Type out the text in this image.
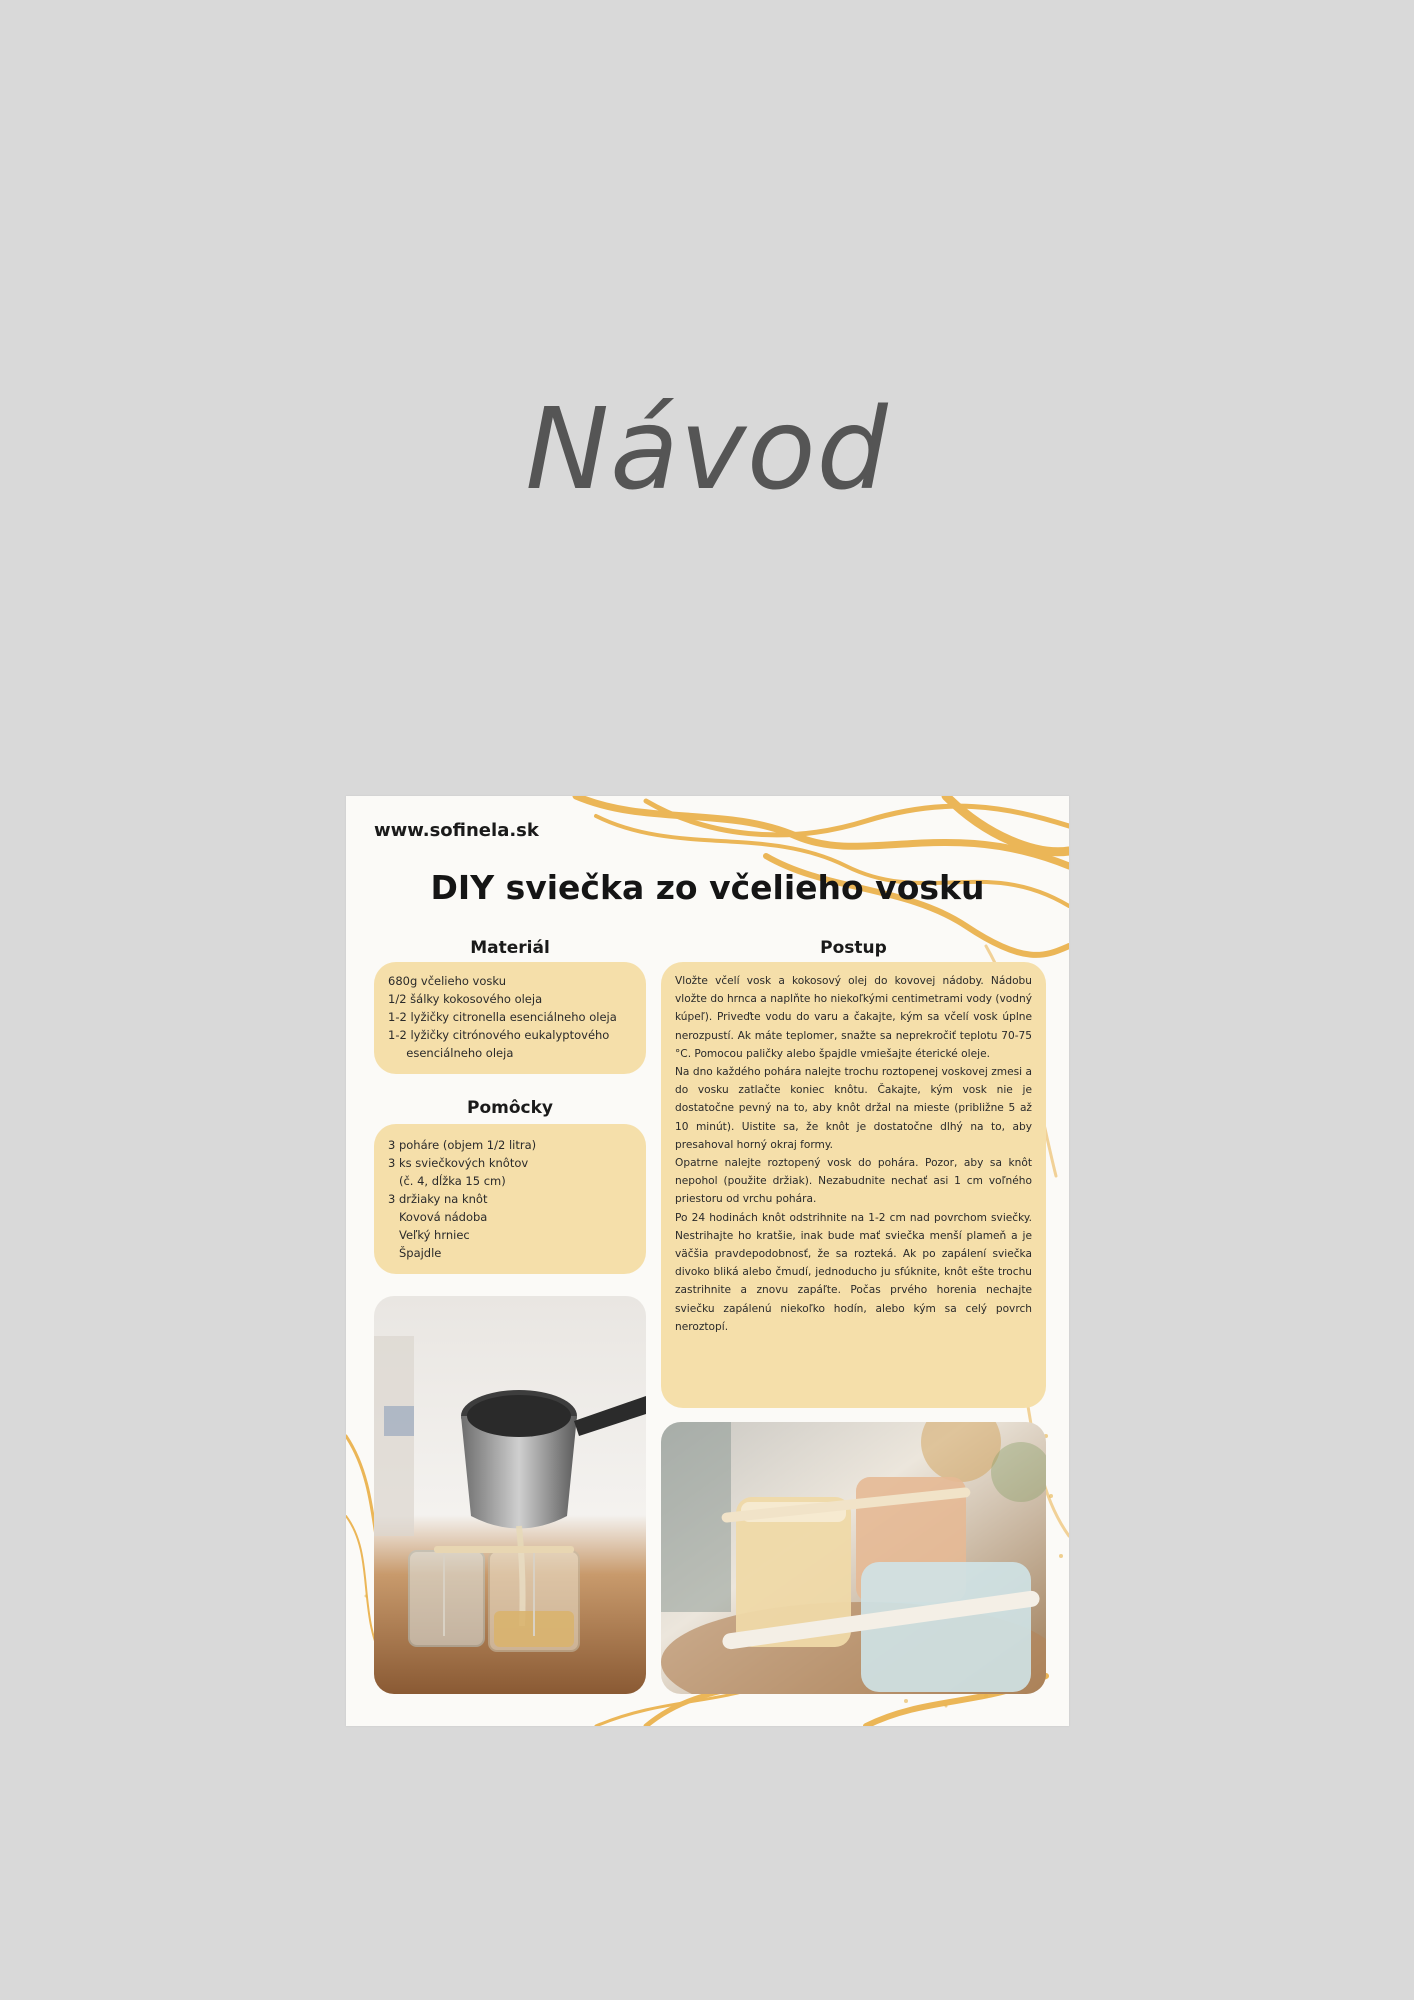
Návod
www.sofinela.sk
DIY sviečka zo včelieho vosku
Materiál
680g včelieho vosku
1/2 šálky kokosového oleja
1-2 lyžičky citronella esenciálneho oleja
1-2 lyžičky citrónového eukalyptového
esenciálneho oleja
Pomôcky
3 poháre (objem 1/2 litra)
3 ks sviečkových knôtov
(č. 4, dĺžka 15 cm)
3 držiaky na knôt
Kovová nádoba
Veľký hrniec
Špajdle
Postup

Vložte včelí vosk a kokosový olej do kovovej nádoby. Nádobu vložte do hrnca a naplňte ho niekoľkými centimetrami vody (vodný kúpeľ). Priveďte vodu do varu a čakajte, kým sa včelí vosk úplne nerozpustí. Ak máte teplomer, snažte sa neprekročiť teplotu 70-75 °C. Pomocou paličky alebo špajdle vmiešajte éterické oleje.

Na dno každého pohára nalejte trochu roztopenej voskovej zmesi a do vosku zatlačte koniec knôtu. Čakajte, kým vosk nie je dostatočne pevný na to, aby knôt držal na mieste (približne 5 až 10 minút). Uistite sa, že knôt je dostatočne dlhý na to, aby presahoval horný okraj formy.

Opatrne nalejte roztopený vosk do pohára. Pozor, aby sa knôt nepohol (použite držiak). Nezabudnite nechať asi 1 cm voľného priestoru od vrchu pohára.

Po 24 hodinách knôt odstrihnite na 1-2 cm nad povrchom sviečky. Nestrihajte ho kratšie, inak bude mať sviečka menší plameň a je väčšia pravdepodobnosť, že sa rozteká. Ak po zapálení sviečka divoko bliká alebo čmudí, jednoducho ju sfúknite, knôt ešte trochu zastrihnite a znovu zapáľte. Počas prvého horenia nechajte sviečku zapálenú niekoľko hodín, alebo kým sa celý povrch neroztopí.
